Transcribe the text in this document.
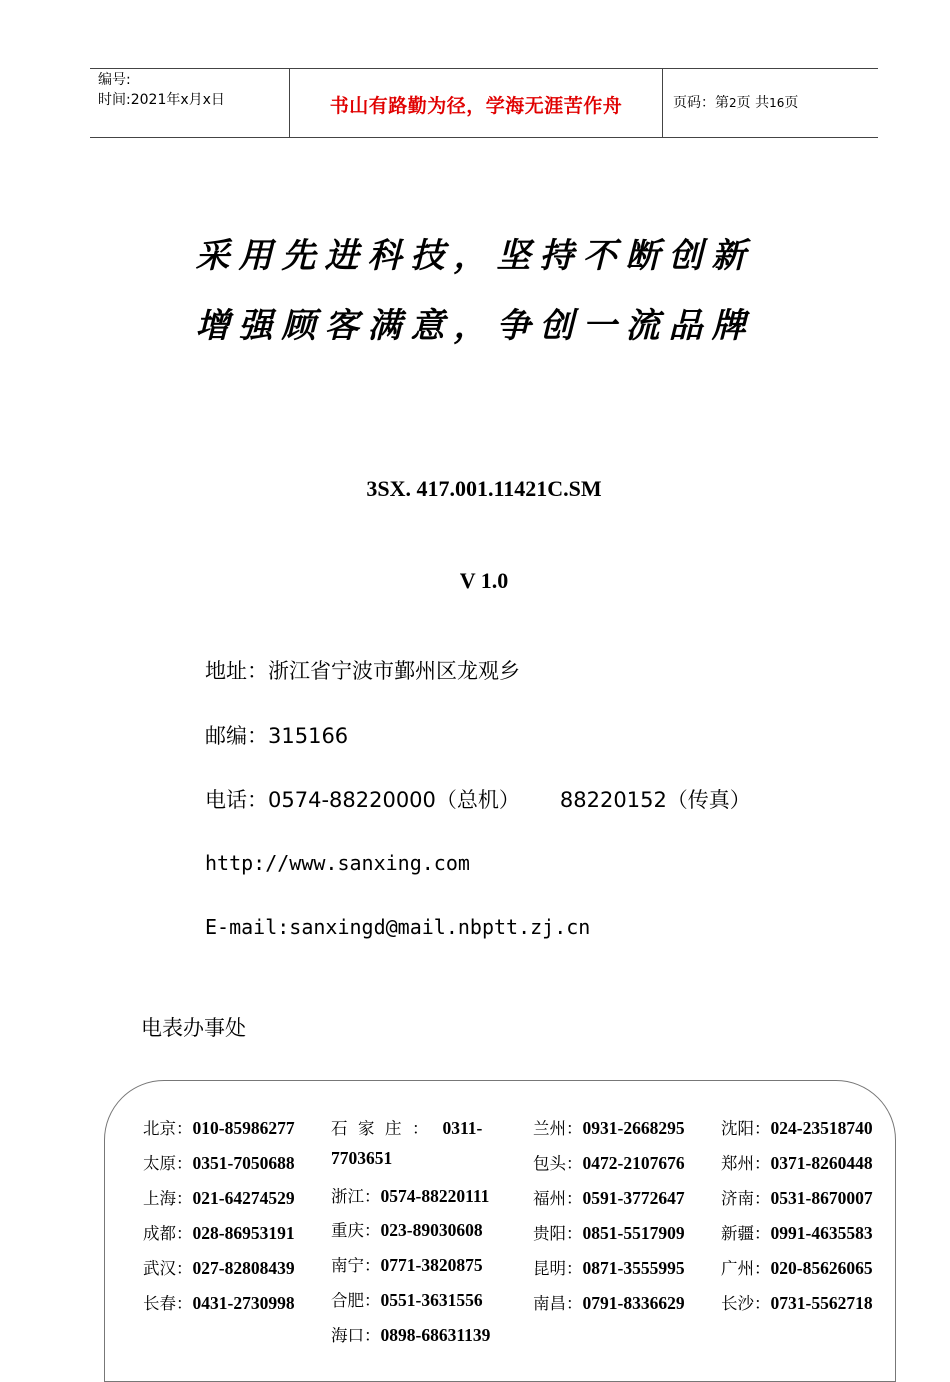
编号:
时间:2021年x月x日	书山有路勤为径，学海无涯苦作舟	页码：第2页 共16页
采用先进科技，坚持不断创新
增强顾客满意，争创一流品牌
3SX. 417.001.11421C.SM
V 1.0
地址：浙江省宁波市鄞州区龙观乡
邮编：315166
电话：0574-88220000（总机） 88220152（传真）
http://www.sanxing.com
E-mail:sanxingd@mail.nbptt.zj.cn
电表办事处
北京：010-85986277
太原：0351-7050688
上海：021-64274529
成都：028-86953191
武汉：027-82808439
长春：0431-2730998
石  家  庄  ： 0311-
7703651
浙江：0574-88220111
重庆：023-89030608
南宁：0771-3820875
合肥：0551-3631556
海口：0898-68631139
兰州：0931-2668295
包头：0472-2107676
福州：0591-3772647
贵阳：0851-5517909
昆明：0871-3555995
南昌：0791-8336629
沈阳：024-23518740
郑州：0371-8260448
济南：0531-8670007
新疆：0991-4635583
广州：020-85626065
长沙：0731-5562718
